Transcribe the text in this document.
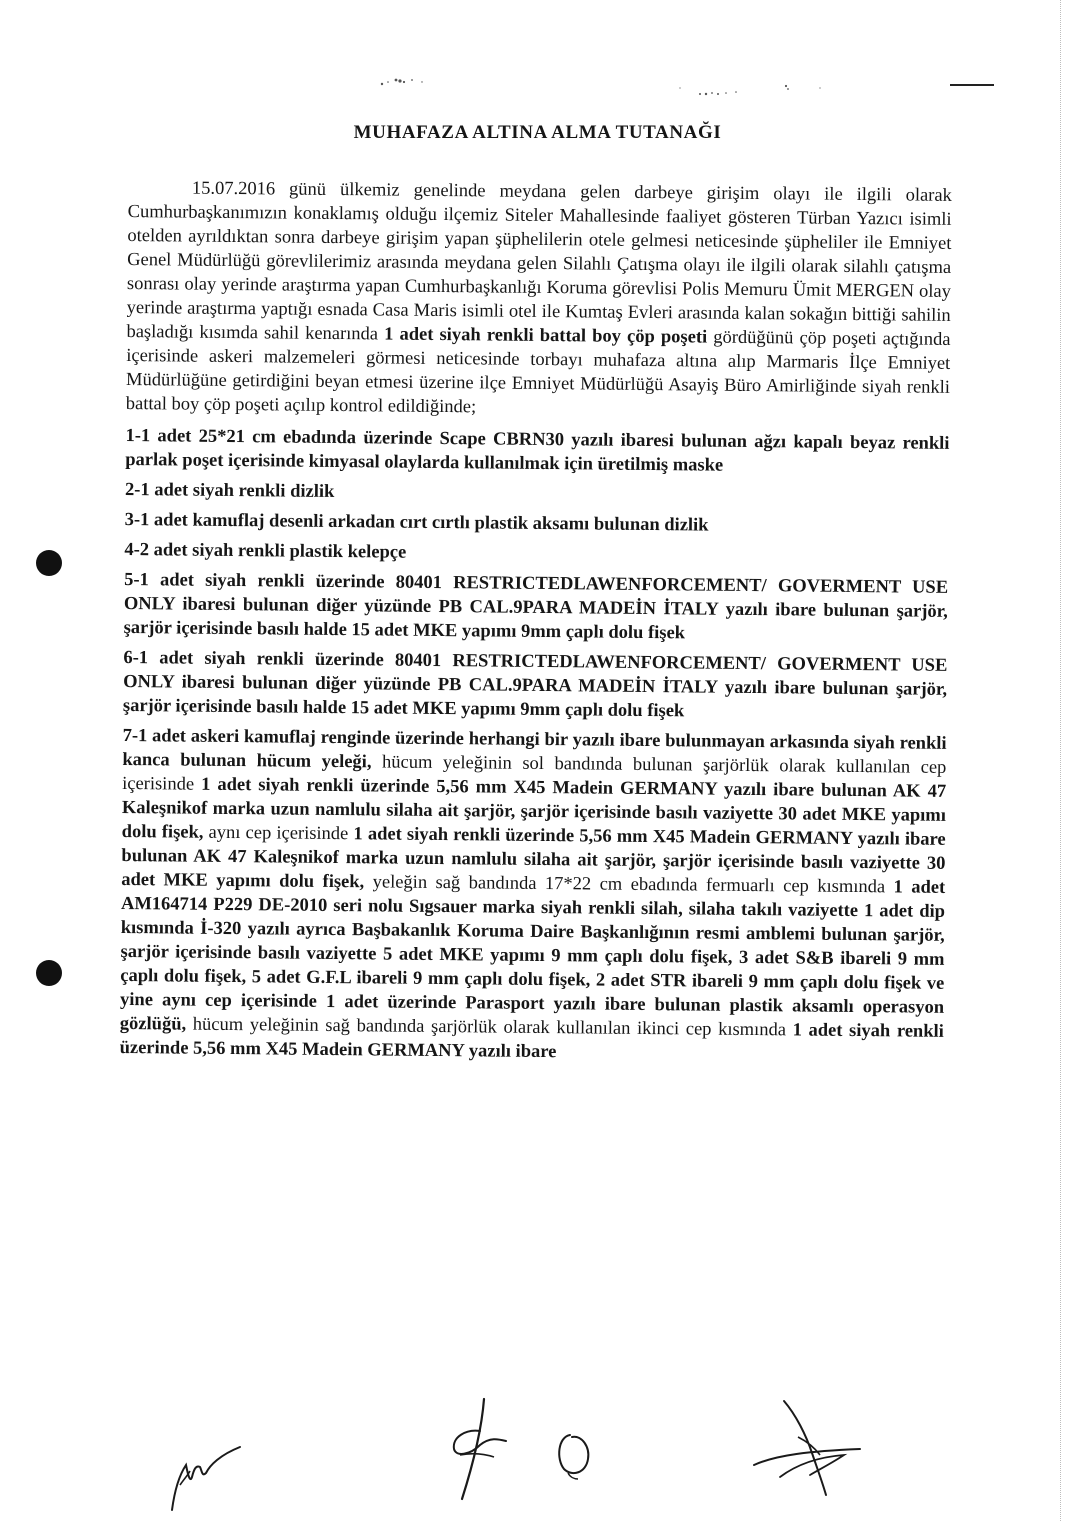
MUHAFAZA ALTINA ALMA TUTANAĞI

15.07.2016 günü ülkemiz genelinde meydana gelen darbeye girişim olayı ile ilgili olarak Cumhurbaşkanımızın konaklamış olduğu ilçemiz Siteler Mahallesinde faaliyet gösteren Türban Yazıcı isimli otelden ayrıldıktan sonra darbeye girişim yapan şüphelilerin otele gelmesi neticesinde şüpheliler ile Emniyet Genel Müdürlüğü görevlilerimiz arasında meydana gelen Silahlı Çatışma olayı ile ilgili olarak silahlı çatışma sonrası olay yerinde araştırma yapan Cumhurbaşkanlığı Koruma görevlisi Polis Memuru Ümit MERGEN olay yerinde araştırma yaptığı esnada Casa Maris isimli otel ile Kumtaş Evleri arasında kalan sokağın bittiği sahilin başladığı kısımda sahil kenarında 1 adet siyah renkli battal boy çöp poşeti gördüğünü çöp poşeti açtığında içerisinde askeri malzemeleri görmesi neticesinde torbayı muhafaza altına alıp Marmaris İlçe Emniyet Müdürlüğüne getirdiğini beyan etmesi üzerine ilçe Emniyet Müdürlüğü Asayiş Büro Amirliğinde siyah renkli battal boy çöp poşeti açılıp kontrol edildiğinde;

1-1 adet 25*21 cm ebadında üzerinde Scape CBRN30 yazılı ibaresi bulunan ağzı kapalı beyaz renkli parlak poşet içerisinde kimyasal olaylarda kullanılmak için üretilmiş maske

2-1 adet siyah renkli dizlik

3-1 adet kamuflaj desenli arkadan cırt cırtlı plastik aksamı bulunan dizlik

4-2 adet siyah renkli plastik kelepçe

5-1 adet siyah renkli üzerinde 80401 RESTRICTEDLAWENFORCEMENT/ GOVERMENT USE ONLY ibaresi bulunan diğer yüzünde PB CAL.9PARA MADEİN İTALY yazılı ibare bulunan şarjör, şarjör içerisinde basılı halde 15 adet MKE yapımı 9mm çaplı dolu fişek

6-1 adet siyah renkli üzerinde 80401 RESTRICTEDLAWENFORCEMENT/ GOVERMENT USE ONLY ibaresi bulunan diğer yüzünde PB CAL.9PARA MADEİN İTALY yazılı ibare bulunan şarjör, şarjör içerisinde basılı halde 15 adet MKE yapımı 9mm çaplı dolu fişek

7-1 adet askeri kamuflaj renginde üzerinde herhangi bir yazılı ibare bulunmayan arkasında siyah renkli kanca bulunan hücum yeleği, hücum yeleğinin sol bandında bulunan şarjörlük olarak kullanılan cep içerisinde 1 adet siyah renkli üzerinde 5,56 mm X45 Madein GERMANY yazılı ibare bulunan AK 47 Kaleşnikof marka uzun namlulu silaha ait şarjör, şarjör içerisinde basılı vaziyette 30 adet MKE yapımı dolu fişek, aynı cep içerisinde 1 adet siyah renkli üzerinde 5,56 mm X45 Madein GERMANY yazılı ibare bulunan AK 47 Kaleşnikof marka uzun namlulu silaha ait şarjör, şarjör içerisinde basılı vaziyette 30 adet MKE yapımı dolu fişek, yeleğin sağ bandında 17*22 cm ebadında fermuarlı cep kısmında 1 adet AM164714 P229 DE-2010 seri nolu Sıgsauer marka siyah renkli silah, silaha takılı vaziyette 1 adet dip kısmında İ-320 yazılı ayrıca Başbakanlık Koruma Daire Başkanlığının resmi amblemi bulunan şarjör, şarjör içerisinde basılı vaziyette 5 adet MKE yapımı 9 mm çaplı dolu fişek, 3 adet S&B ibareli 9 mm çaplı dolu fişek, 5 adet G.F.L ibareli 9 mm çaplı dolu fişek, 2 adet STR ibareli 9 mm çaplı dolu fişek ve yine aynı cep içerisinde 1 adet üzerinde Parasport yazılı ibare bulunan plastik aksamlı operasyon gözlüğü, hücum yeleğinin sağ bandında şarjörlük olarak kullanılan ikinci cep kısmında 1 adet siyah renkli üzerinde 5,56 mm X45 Madein GERMANY yazılı ibare
